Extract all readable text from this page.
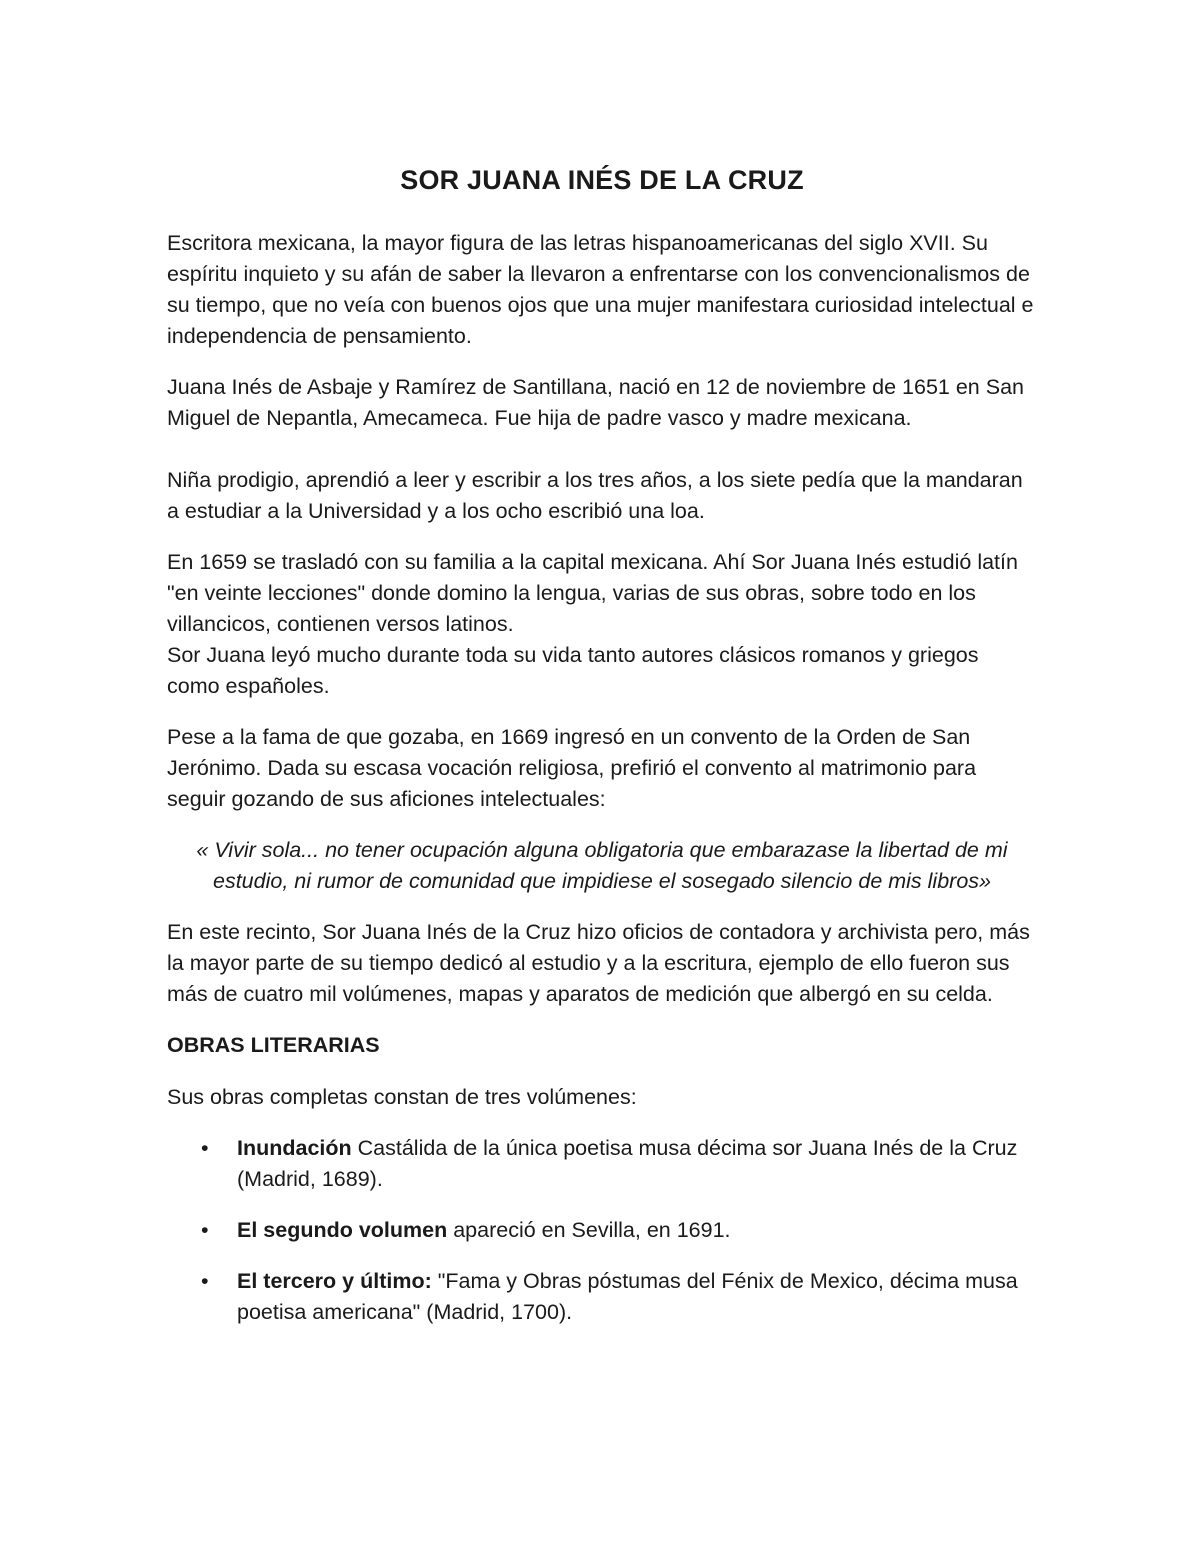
SOR JUANA INÉS DE LA CRUZ

Escritora mexicana, la mayor figura de las letras hispanoamericanas del siglo XVII. Su espíritu inquieto y su afán de saber la llevaron a enfrentarse con los convencionalismos de su tiempo, que no veía con buenos ojos que una mujer manifestara curiosidad intelectual e independencia de pensamiento.

Juana Inés de Asbaje y Ramírez de Santillana, nació en 12 de noviembre de 1651 en San Miguel de Nepantla, Amecameca. Fue hija de padre vasco y madre mexicana.

Niña prodigio, aprendió a leer y escribir a los tres años, a los siete pedía que la mandaran a estudiar a la Universidad y a los ocho escribió una loa.

En 1659 se trasladó con su familia a la capital mexicana. Ahí Sor Juana Inés estudió latín "en veinte lecciones" donde domino la lengua, varias de sus obras, sobre todo en los villancicos, contienen versos latinos.

Sor Juana leyó mucho durante toda su vida tanto autores clásicos romanos y griegos como españoles.

Pese a la fama de que gozaba, en 1669 ingresó en un convento de la Orden de San Jerónimo. Dada su escasa vocación religiosa, prefirió el convento al matrimonio para seguir gozando de sus aficiones intelectuales:

« Vivir sola... no tener ocupación alguna obligatoria que embarazase la libertad de mi estudio, ni rumor de comunidad que impidiese el sosegado silencio de mis libros»

En este recinto, Sor Juana Inés de la Cruz hizo oficios de contadora y archivista pero, más la mayor parte de su tiempo dedicó al estudio y a la escritura, ejemplo de ello fueron sus más de cuatro mil volúmenes, mapas y aparatos de medición que albergó en su celda.

OBRAS LITERARIAS

Sus obras completas constan de tres volúmenes:

• Inundación Castálida de la única poetisa musa décima sor Juana Inés de la Cruz (Madrid, 1689).
• El segundo volumen apareció en Sevilla, en 1691.
• El tercero y último: "Fama y Obras póstumas del Fénix de Mexico, décima musa poetisa americana" (Madrid, 1700).
